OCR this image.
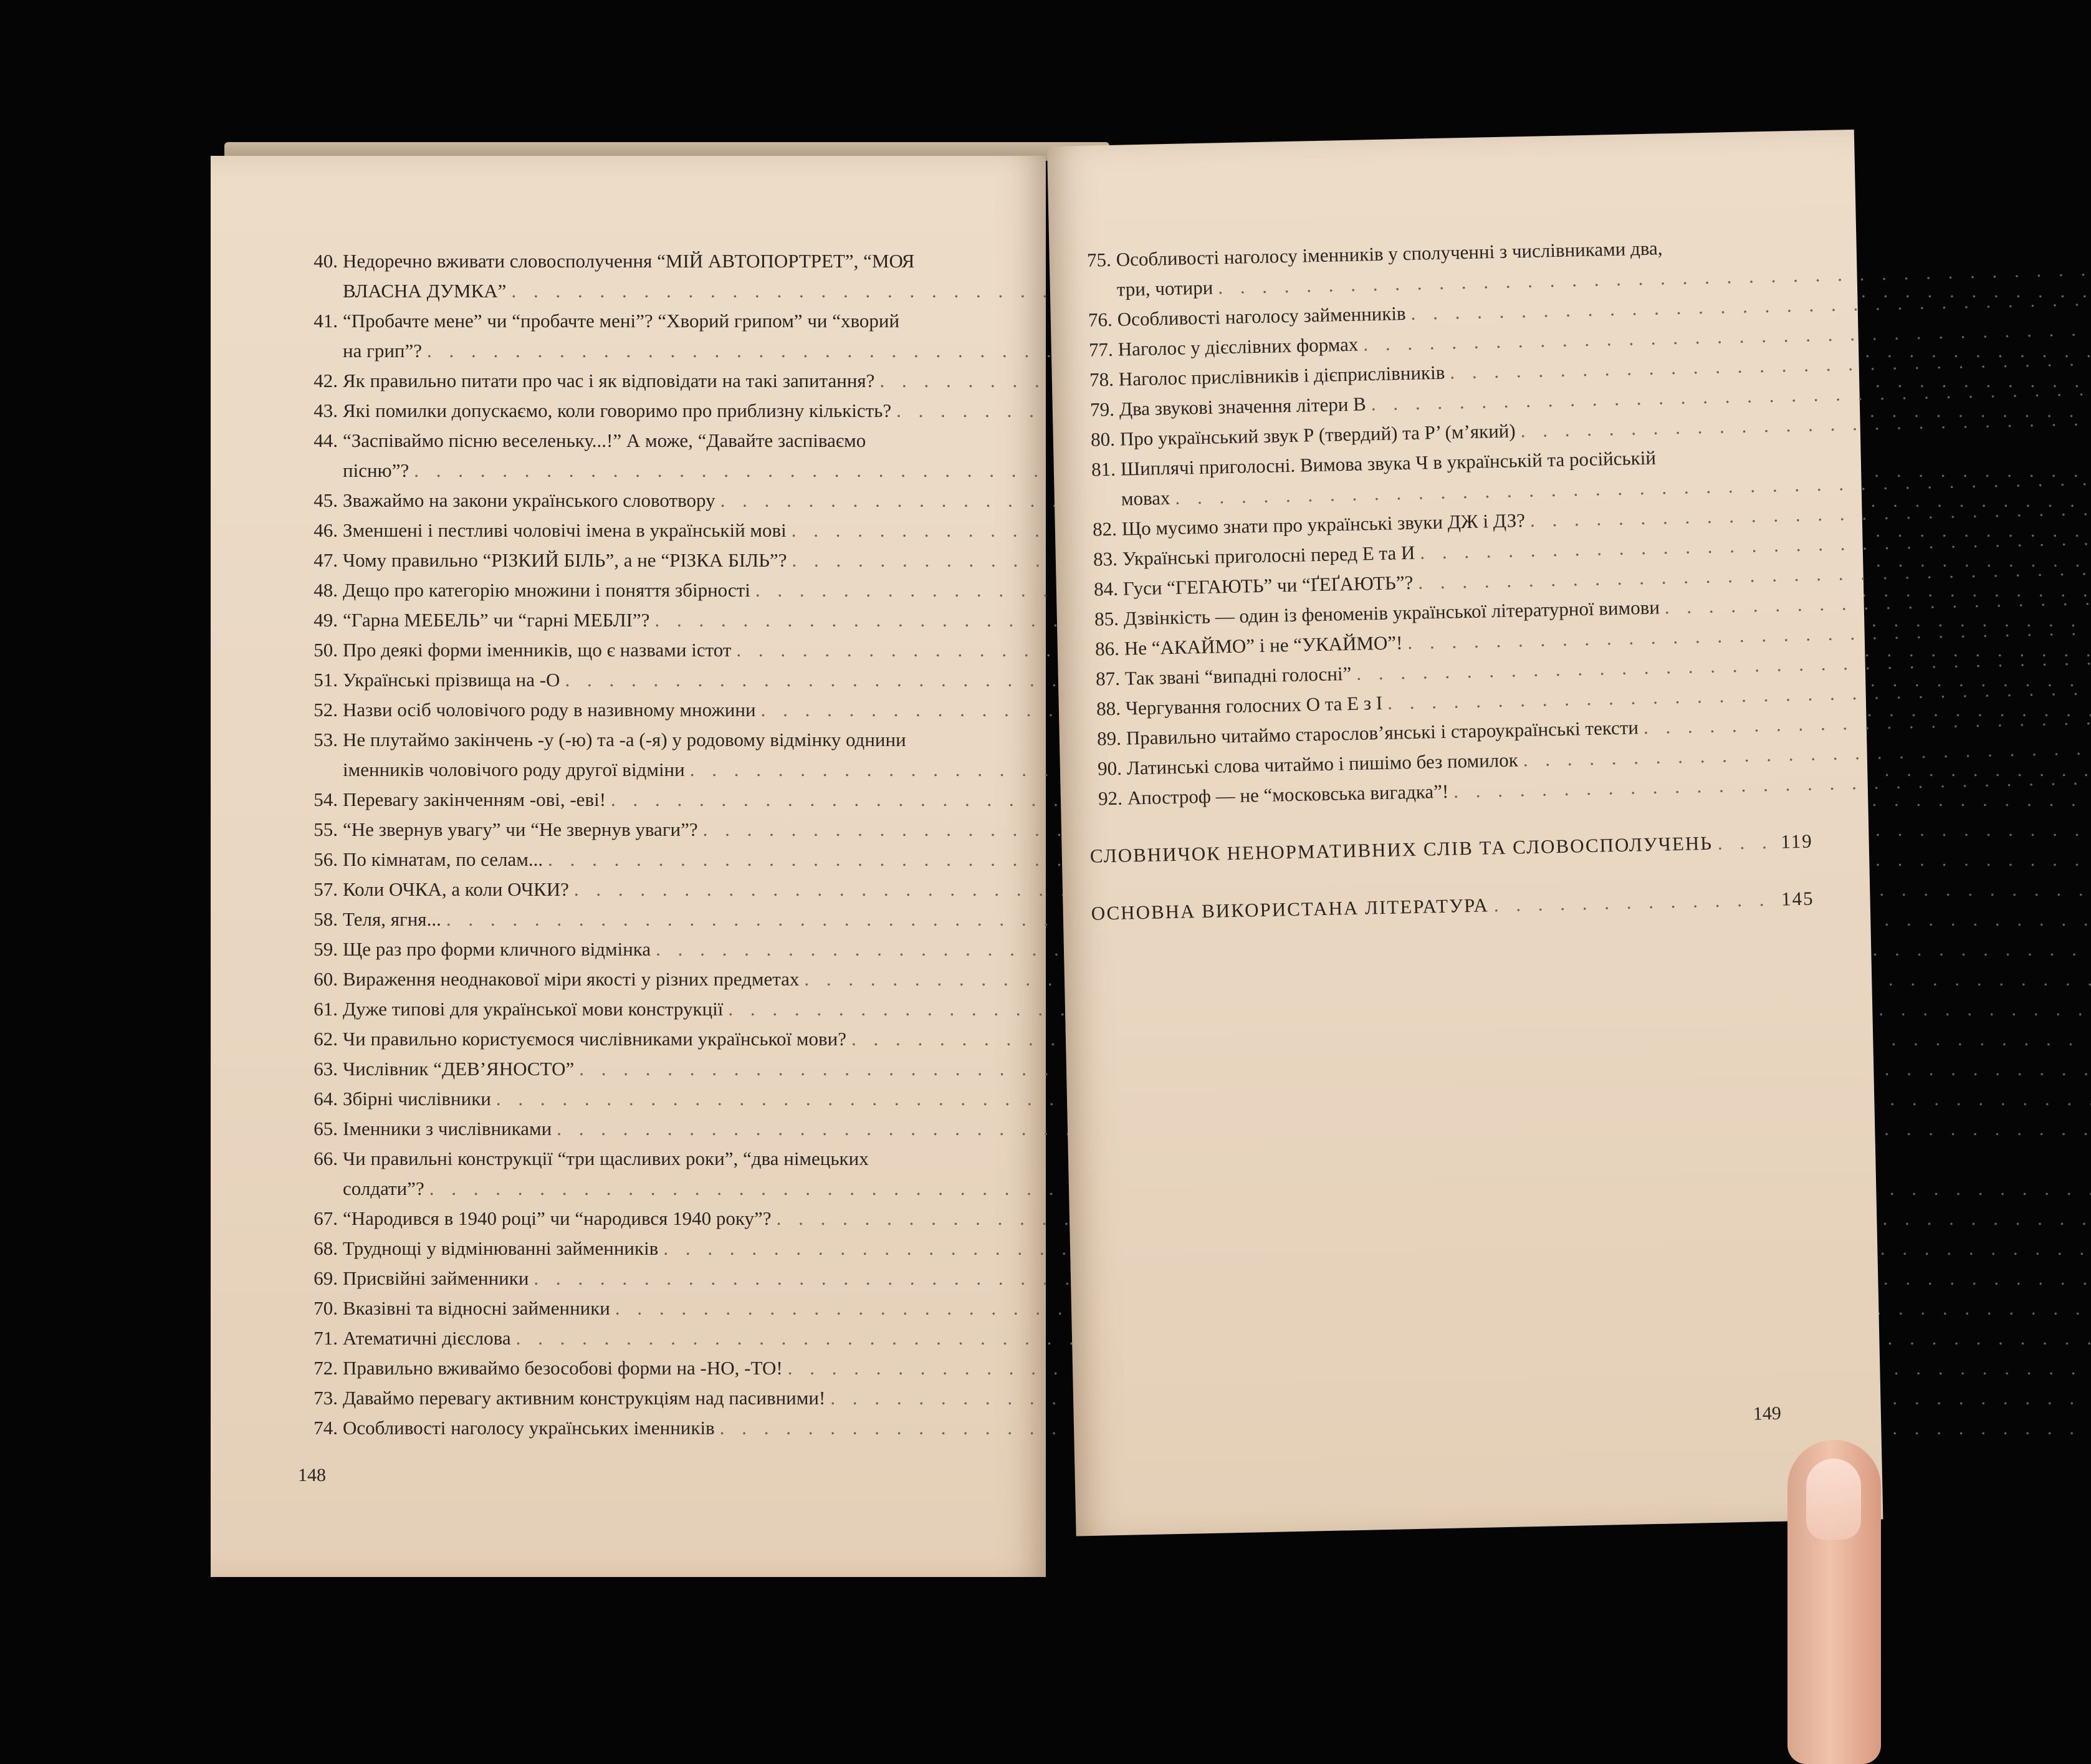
40. Недоречно вживати словосполучення “МІЙ АВТОПОРТРЕТ”, “МОЯ
ВЛАСНА ДУМКА”
. . .
41. “Пробачте мене” чи “пробачте мені”? “Хворий грипом” чи “хворий
на грип”?
. . .
42. Як правильно питати про час і як відповідати на такі запитання?
. . .
43. Які помилки допускаємо, коли говоримо про приблизну кількість?
. . .
44. “Заспіваймо пісню веселеньку...!” А може, “Давайте заспіваємо
пісню”?
. . .
45. Зважаймо на закони українського словотвору
. . .
46. Зменшені і пестливі чоловічі імена в українській мові
. . .
47. Чому правильно “РІЗКИЙ БІЛЬ”, а не “РІЗКА БІЛЬ”?
. . .
48. Дещо про категорію множини і поняття збірності
. . .
49. “Гарна МЕБЕЛЬ” чи “гарні МЕБЛІ”?
. . .
50. Про деякі форми іменників, що є назвами істот
. . .
51. Українські прізвища на -О
. . .
52. Назви осіб чоловічого роду в називному множини
. . .
53. Не плутаймо закінчень -у (-ю) та -а (-я) у родовому відмінку однини
іменників чоловічого роду другої відміни
. . .
54. Перевагу закінченням -ові, -еві!
. . .
55. “Не звернув увагу” чи “Не звернув уваги”?
. . .
56. По кімнатам, по селам...
. . .
57. Коли ОЧКА, а коли ОЧКИ?
. . .
58. Теля, ягня...
. . .
59. Ще раз про форми кличного відмінка
. . .
60. Вираження неоднакової міри якості у різних предметах
. . .
61. Дуже типові для української мови конструкції
. . .
62. Чи правильно користуємося числівниками української мови?
. . .
63. Числівник “ДЕВ’ЯНОСТО”
. . .
64. Збірні числівники
. . .
65. Іменники з числівниками
. . .
66. Чи правильні конструкції “три щасливих роки”, “два німецьких
солдати”?
. . .
67. “Народився в 1940 році” чи “народився 1940 року”?
. . .
68. Труднощі у відмінюванні займенників
. . .
69. Присвійні займенники
. . .
70. Вказівні та відносні займенники
. . .
71. Атематичні дієслова
. . .
72. Правильно вживаймо безособові форми на -НО, -ТО!
. . .
73. Даваймо перевагу активним конструкціям над пасивними!
. . .
74. Особливості наголосу українських іменників
. . .
148
75. Особливості наголосу іменників у сполученні з числівниками два,
три, чотири
. . .
76. Особливості наголосу займенників
. . .
77. Наголос у дієслівних формах
. . .
78. Наголос прислівників і дієприслівників
. . .
79. Два звукові значення літери В
. . .
80. Про український звук Р (твердий) та Р’ (м’який)
. . .
81. Шиплячі приголосні. Вимова звука Ч в українській та російській
мовах
. . .
82. Що мусимо знати про українські звуки ДЖ і ДЗ?
. . .
83. Українські приголосні перед Е та И
. . .
84. Гуси “ГЕГАЮТЬ” чи “ҐЕҐАЮТЬ”?
. . .
85. Дзвінкість — один із феноменів української літературної вимови
. . .
86. Не “АКАЙМО” і не “УКАЙМО”!
. . .
87. Так звані “випадні голосні”
. . .
88. Чергування голосних О та Е з І
. . .
89. Правильно читаймо старослов’янські і староукраїнські тексти
. . .
90. Латинські слова читаймо і пишімо без помилок
. . .
92. Апостроф — не “московська вигадка”!
. . .
СЛОВНИЧОК НЕНОРМАТИВНИХ СЛІВ ТА СЛОВОСПОЛУЧЕНЬ . . .	119
ОСНОВНА ВИКОРИСТАНА ЛІТЕРАТУРА . . .	145
149
